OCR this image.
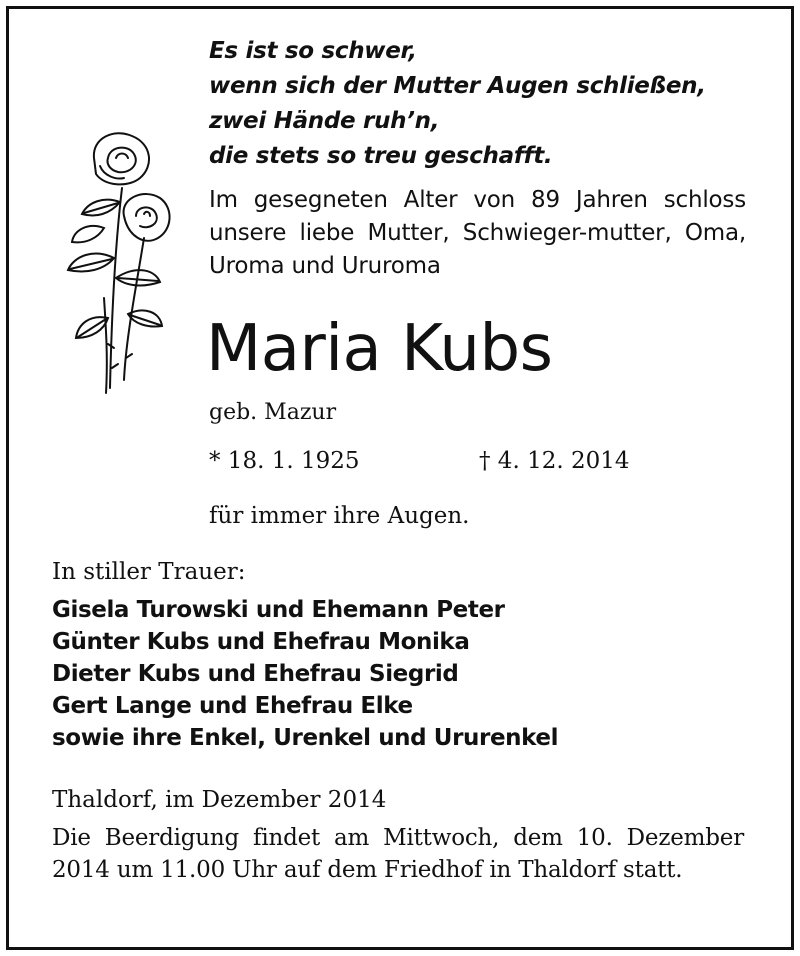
Es ist so schwer,
wenn sich der Mutter Augen schließen,
zwei Hände ruh’n,
die stets so treu geschafft.
Im gesegneten Alter von 89 Jahren schloss unsere liebe Mutter, Schwieger-mutter, Oma, Uroma und Ururoma
Maria Kubs
geb. Mazur
* 18. 1. 1925	† 4. 12. 2014
für immer ihre Augen.
In stiller Trauer:
Gisela Turowski und Ehemann Peter
Günter Kubs und Ehefrau Monika
Dieter Kubs und Ehefrau Siegrid
Gert Lange und Ehefrau Elke
sowie ihre Enkel, Urenkel und Ururenkel
Thaldorf, im Dezember 2014
Die Beerdigung findet am Mittwoch, dem 10. Dezember 2014 um 11.00 Uhr auf dem Friedhof in Thaldorf statt.
